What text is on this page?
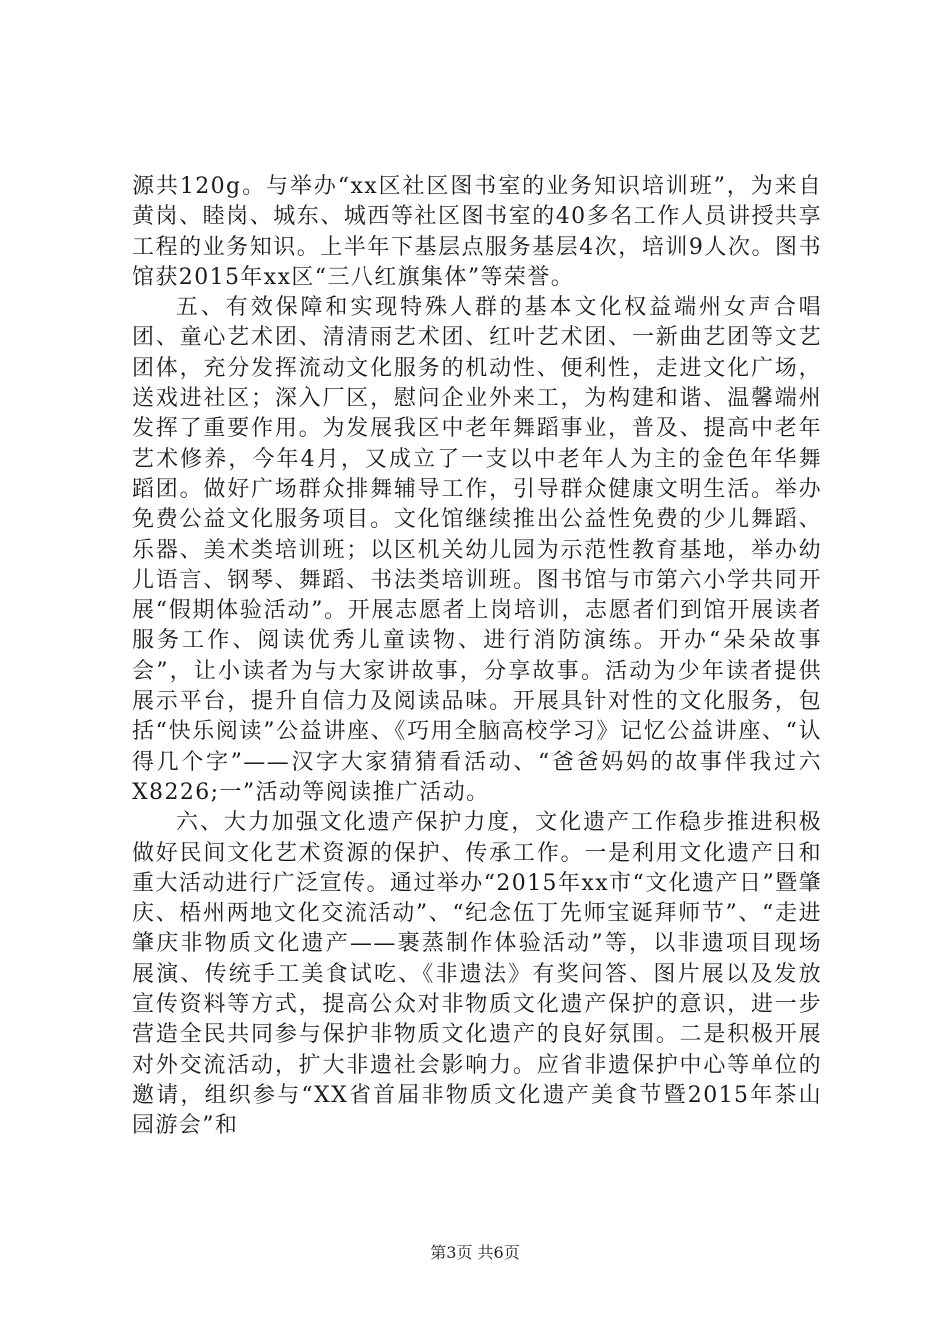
源共120g。与举办“xx区社区图书室的业务知识培训班”，为来自黄岗、睦岗、城东、城西等社区图书室的40多名工作人员讲授共享工程的业务知识。上半年下基层点服务基层4次，培训9人次。图书馆获2015年xx区“三八红旗集体”等荣誉。

五、有效保障和实现特殊人群的基本文化权益端州女声合唱团、童心艺术团、清清雨艺术团、红叶艺术团、一新曲艺团等文艺团体，充分发挥流动文化服务的机动性、便利性，走进文化广场，送戏进社区；深入厂区，慰问企业外来工，为构建和谐、温馨端州发挥了重要作用。为发展我区中老年舞蹈事业，普及、提高中老年艺术修养，今年4月，又成立了一支以中老年人为主的金色年华舞蹈团。做好广场群众排舞辅导工作，引导群众健康文明生活。举办免费公益文化服务项目。文化馆继续推出公益性免费的少儿舞蹈、乐器、美术类培训班；以区机关幼儿园为示范性教育基地，举办幼儿语言、钢琴、舞蹈、书法类培训班。图书馆与市第六小学共同开展“假期体验活动”。开展志愿者上岗培训，志愿者们到馆开展读者服务工作、阅读优秀儿童读物、进行消防演练。开办“朵朵故事会”，让小读者为与大家讲故事，分享故事。活动为少年读者提供展示平台，提升自信力及阅读品味。开展具针对性的文化服务，包括“快乐阅读”公益讲座、《巧用全脑高校学习》记忆公益讲座、“认得几个字”——汉字大家猜猜看活动、“爸爸妈妈的故事伴我过六X8226;一”活动等阅读推广活动。

六、大力加强文化遗产保护力度，文化遗产工作稳步推进积极做好民间文化艺术资源的保护、传承工作。一是利用文化遗产日和重大活动进行广泛宣传。通过举办“2015年xx市“文化遗产日”暨肇庆、梧州两地文化交流活动”、“纪念伍丁先师宝诞拜师节”、“走进肇庆非物质文化遗产——裹蒸制作体验活动”等，以非遗项目现场展演、传统手工美食试吃、《非遗法》有奖问答、图片展以及发放宣传资料等方式，提高公众对非物质文化遗产保护的意识，进一步营造全民共同参与保护非物质文化遗产的良好氛围。二是积极开展对外交流活动，扩大非遗社会影响力。应省非遗保护中心等单位的邀请，组织参与“XX省首届非物质文化遗产美食节暨2015年茶山园游会”和

第3页 共6页
